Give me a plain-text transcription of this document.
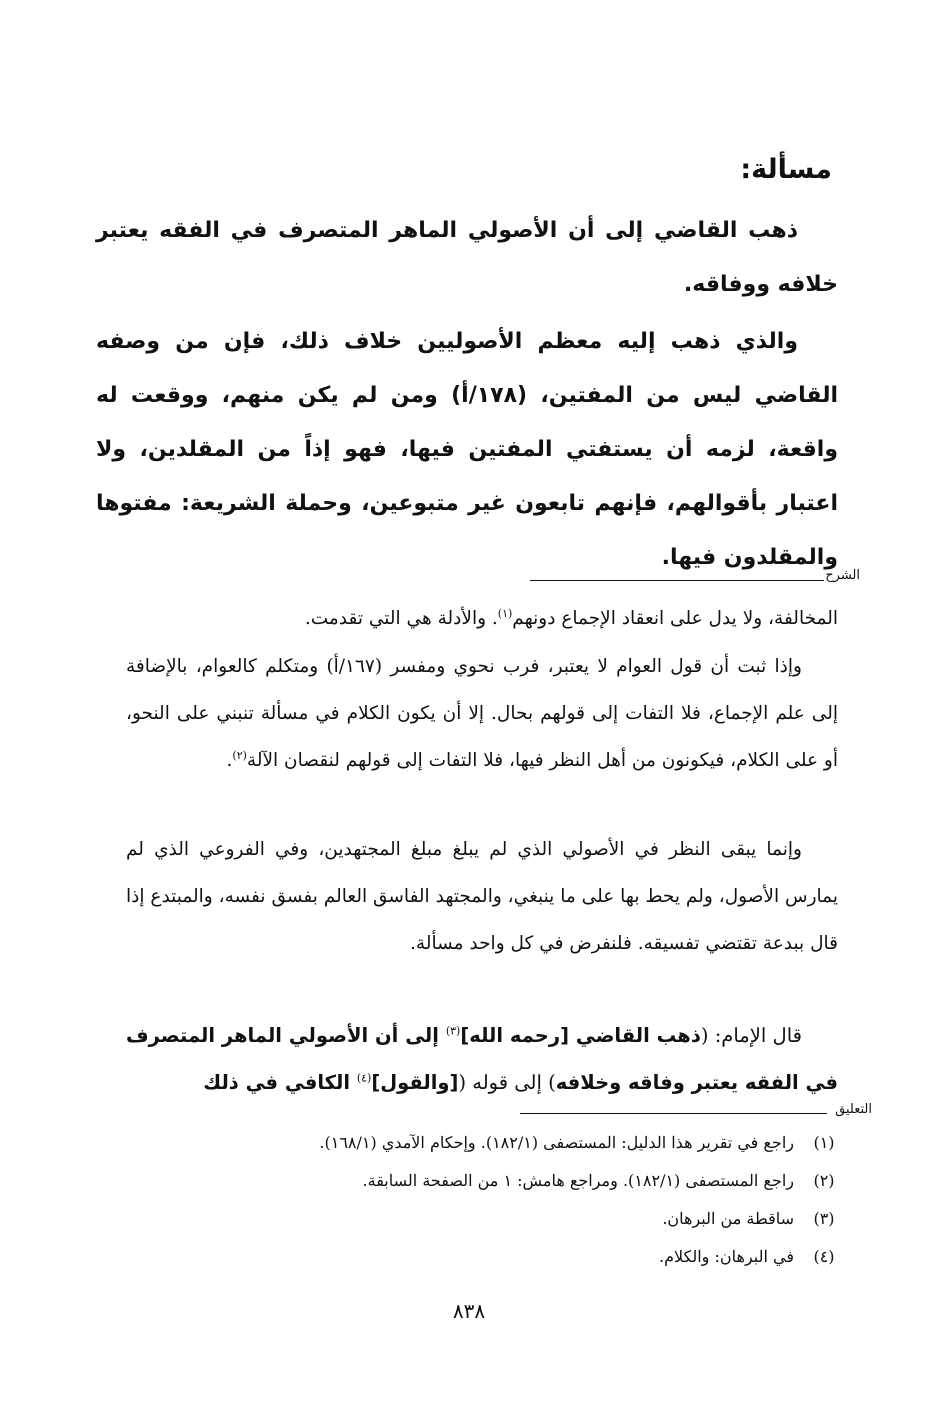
مسألة:
ذهب القاضي إلى أن الأصولي الماهر المتصرف في الفقه يعتبر خلافه ووفاقه.
والذي ذهب إليه معظم الأصوليين خلاف ذلك، فإن من وصفه القاضي ليس من المفتين، (١٧٨/أ) ومن لم يكن منهم، ووقعت له واقعة، لزمه أن يستفتي المفتين فيها، فهو إذاً من المقلدين، ولا اعتبار بأقوالهم، فإنهم تابعون غير متبوعين، وحملة الشريعة: مفتوها والمقلدون فيها.
الشرح
المخالفة، ولا يدل على انعقاد الإجماع دونهم$^{(١)}$. والأدلة هي التي تقدمت.
وإذا ثبت أن قول العوام لا يعتبر، فرب نحوي ومفسر (١٦٧/أ) ومتكلم كالعوام، بالإضافة إلى علم الإجماع، فلا التفات إلى قولهم بحال. إلا أن يكون الكلام في مسألة تنبني على النحو، أو على الكلام، فيكونون من أهل النظر فيها، فلا التفات إلى قولهم لنقصان الآلة$^{(٢)}$.
وإنما يبقى النظر في الأصولي الذي لم يبلغ مبلغ المجتهدين، وفي الفروعي الذي لم يمارس الأصول، ولم يحط بها على ما ينبغي، والمجتهد الفاسق العالم بفسق نفسه، والمبتدع إذا قال ببدعة تقتضي تفسيقه. فلنفرض في كل واحد مسألة.
قال الإمام: (ذهب القاضي [رحمه الله]$^{(٣)}$ إلى أن الأصولي الماهر المتصرف في الفقه يعتبر وفاقه وخلافه) إلى قوله ([والقول]$^{(٤)}$ الكافي في ذلك
التعليق
(١)
راجع في تقرير هذا الدليل: المستصفى (١٨٢/١). وإحكام الآمدي (١٦٨/١).
(٢)
راجع المستصفى (١٨٢/١). ومراجع هامش: ١ من الصفحة السابقة.
(٣)
ساقطة من البرهان.
(٤)
في البرهان: والكلام.
٨٣٨
